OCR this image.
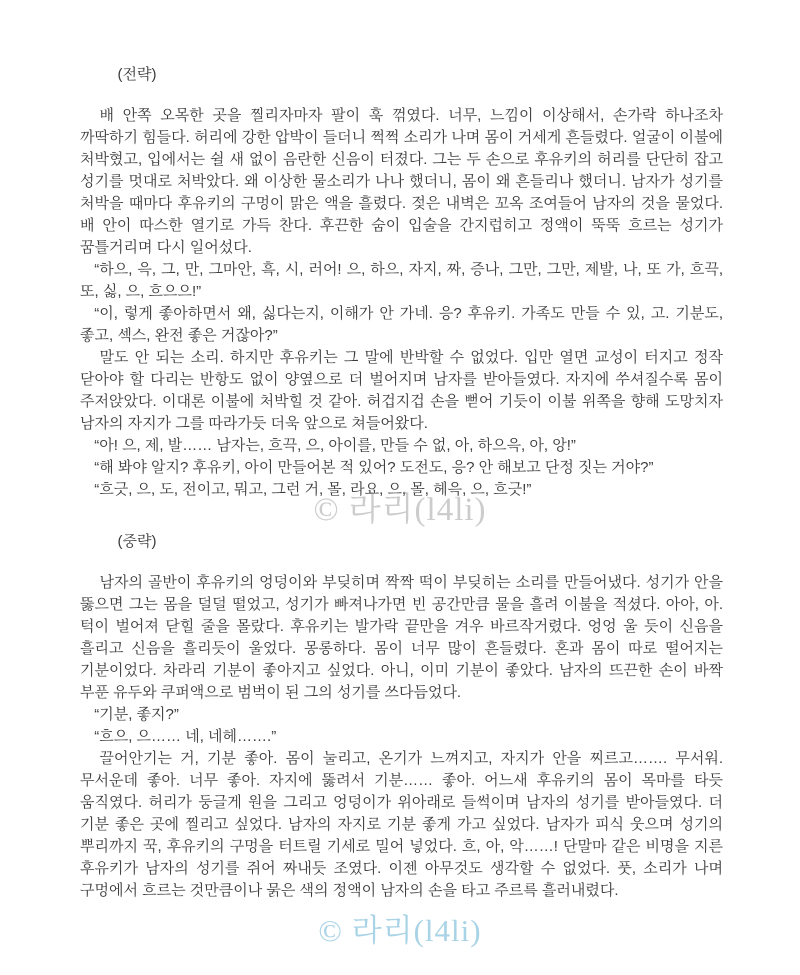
© 라리(l4li)
© 라리(l4li)

(전략)

배 안쪽 오목한 곳을 찔리자마자 팔이 훅 꺾였다. 너무, 느낌이 이상해서, 손가락 하나조차 까딱하기 힘들다. 허리에 강한 압박이 들더니 쩍쩍 소리가 나며 몸이 거세게 흔들렸다. 얼굴이 이불에 처박혔고, 입에서는 쉴 새 없이 음란한 신음이 터졌다. 그는 두 손으로 후유키의 허리를 단단히 잡고 성기를 멋대로 처박았다. 왜 이상한 물소리가 나나 했더니, 몸이 왜 흔들리나 했더니. 남자가 성기를 처박을 때마다 후유키의 구멍이 맑은 액을 흘렸다. 젖은 내벽은 꼬옥 조여들어 남자의 것을 물었다. 배 안이 따스한 열기로 가득 찬다. 후끈한 숨이 입술을 간지럽히고 정액이 뚝뚝 흐르는 성기가 꿈틀거리며 다시 일어섰다.

“하으, 윽, 그, 만, 그마안, 흑, 시, 러어! 으, 하으, 자지, 짜, 증나, 그만, 그만, 제발, 나, 또 가, 흐끅, 또, 싫, 으, 흐으으!”

“이, 렇게 좋아하면서 왜, 싫다는지, 이해가 안 가네. 응? 후유키. 가족도 만들 수 있, 고. 기분도, 좋고, 섹스, 완전 좋은 거잖아?”

말도 안 되는 소리. 하지만 후유키는 그 말에 반박할 수 없었다. 입만 열면 교성이 터지고 정작 닫아야 할 다리는 반항도 없이 양옆으로 더 벌어지며 남자를 받아들였다. 자지에 쑤셔질수록 몸이 주저앉았다. 이대론 이불에 처박힐 것 같아. 허겁지겁 손을 뻗어 기듯이 이불 위쪽을 향해 도망치자 남자의 자지가 그를 따라가듯 더욱 앞으로 쳐들어왔다.

“아! 으, 제, 발…… 남자는, 흐끅, 으, 아이를, 만들 수 없, 아, 하으윽, 아, 앙!”

“해 봐야 알지? 후유키, 아이 만들어본 적 있어? 도전도, 응? 안 해보고 단정 짓는 거야?”

“흐긋, 으, 도, 전이고, 뭐고, 그런 거, 몰, 라요, 으, 몰, 헤윽, 으, 흐긋!”

(중략)

남자의 골반이 후유키의 엉덩이와 부딪히며 짝짝 떡이 부딪히는 소리를 만들어냈다. 성기가 안을 뚫으면 그는 몸을 덜덜 떨었고, 성기가 빠져나가면 빈 공간만큼 물을 흘려 이불을 적셨다. 아아, 아. 턱이 벌어져 닫힐 줄을 몰랐다. 후유키는 발가락 끝만을 겨우 바르작거렸다. 엉엉 울 듯이 신음을 흘리고 신음을 흘리듯이 울었다. 몽롱하다. 몸이 너무 많이 흔들렸다. 혼과 몸이 따로 떨어지는 기분이었다. 차라리 기분이 좋아지고 싶었다. 아니, 이미 기분이 좋았다. 남자의 뜨끈한 손이 바짝 부푼 유두와 쿠퍼액으로 범벅이 된 그의 성기를 쓰다듬었다.

“기분, 좋지?”

“흐으, 으…… 네, 네헤…….”

끌어안기는 거, 기분 좋아. 몸이 눌리고, 온기가 느껴지고, 자지가 안을 찌르고……. 무서워. 무서운데 좋아. 너무 좋아. 자지에 뚫려서 기분…… 좋아. 어느새 후유키의 몸이 목마를 타듯 움직였다. 허리가 둥글게 원을 그리고 엉덩이가 위아래로 들썩이며 남자의 성기를 받아들였다. 더 기분 좋은 곳에 찔리고 싶었다. 남자의 자지로 기분 좋게 가고 싶었다. 남자가 피식 웃으며 성기의 뿌리까지 꾹, 후유키의 구멍을 터트릴 기세로 밀어 넣었다. 흐, 아, 악……! 단말마 같은 비명을 지른 후유키가 남자의 성기를 쥐어 짜내듯 조였다. 이젠 아무것도 생각할 수 없었다. 풋, 소리가 나며 구멍에서 흐르는 것만큼이나 묽은 색의 정액이 남자의 손을 타고 주르륵 흘러내렸다.
